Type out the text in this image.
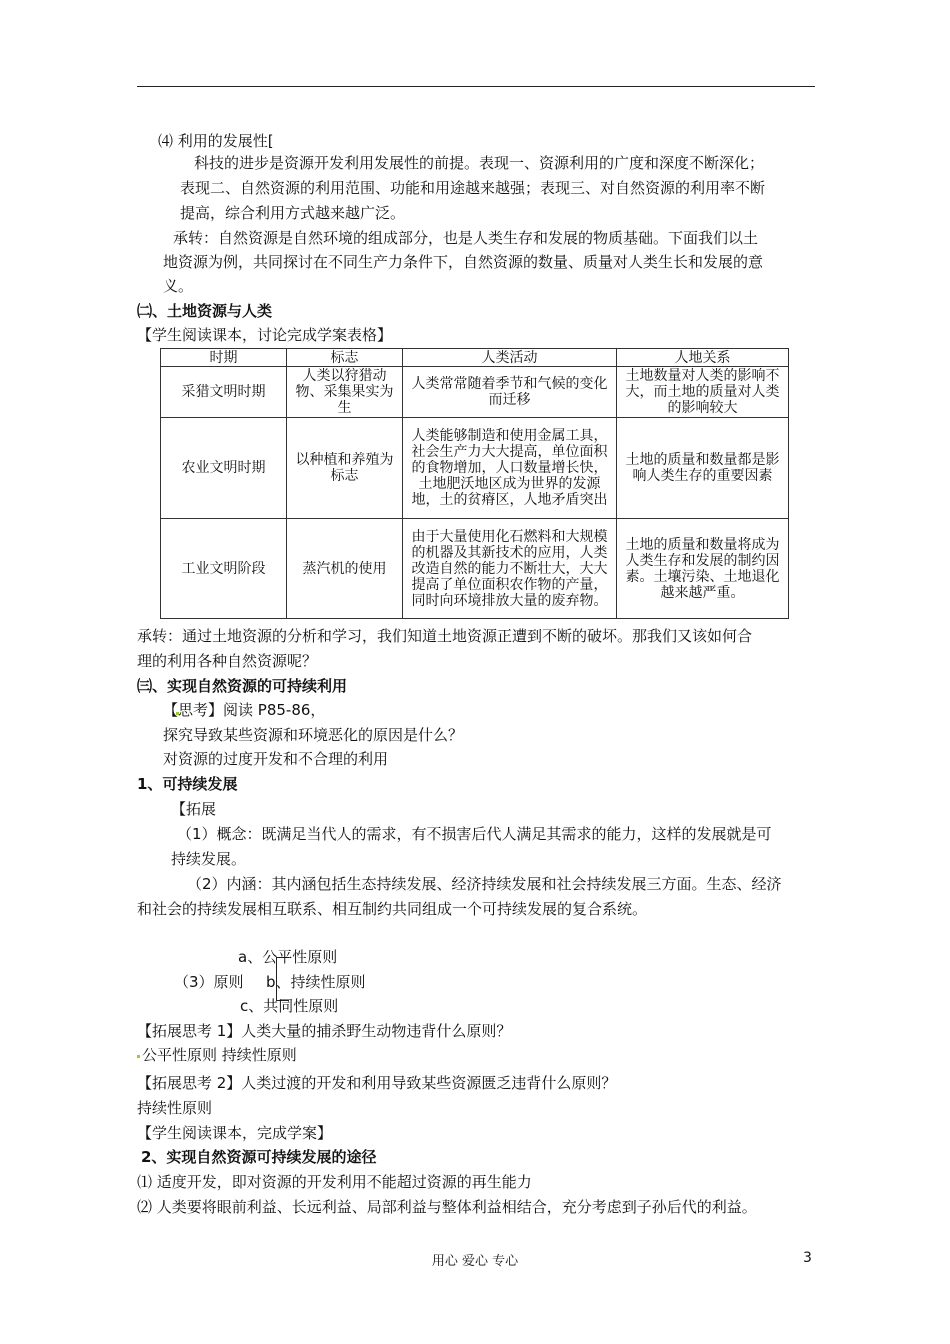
⑷ 利用的发展性[
科技的进步是资源开发利用发展性的前提。表现一、资源利用的广度和深度不断深化；
表现二、自然资源的利用范围、功能和用途越来越强；表现三、对自然资源的利用率不断
提高，综合利用方式越来越广泛。
承转：自然资源是自然环境的组成部分，也是人类生存和发展的物质基础。下面我们以土
地资源为例，共同探讨在不同生产力条件下，自然资源的数量、质量对人类生长和发展的意
义。
㈡、土地资源与人类
【学生阅读课本，讨论完成学案表格】
时期	标志	人类活动	人地关系
采猎文明时期	人类以狩猎动物、采集果实为生	人类常常随着季节和气候的变化而迁移	土地数量对人类的影响不大，而土地的质量对人类的影响较大
农业文明时期	以种植和养殖为标志	人类能够制造和使用金属工具，社会生产力大大提高，单位面积的食物增加，人口数量增长快，土地肥沃地区成为世界的发源地，土的贫瘠区，人地矛盾突出	土地的质量和数量都是影响人类生存的重要因素
工业文明阶段	蒸汽机的使用	由于大量使用化石燃料和大规模的机器及其新技术的应用，人类改造自然的能力不断壮大，大大提高了单位面积农作物的产量，同时向环境排放大量的废弃物。	土地的质量和数量将成为人类生存和发展的制约因素。土壤污染、土地退化越来越严重。
承转：通过土地资源的分析和学习，我们知道土地资源正遭到不断的破坏。那我们又该如何合
理的利用各种自然资源呢？
㈢、实现自然资源的可持续利用
【思考】阅读 P85-86，
探究导致某些资源和环境恶化的原因是什么？
对资源的过度开发和不合理的利用
1、可持续发展
【拓展
（1）概念：既满足当代人的需求，有不损害后代人满足其需求的能力，这样的发展就是可
持续发展。
（2）内涵：其内涵包括生态持续发展、经济持续发展和社会持续发展三方面。生态、经济
和社会的持续发展相互联系、相互制约共同组成一个可持续发展的复合系统。
a、公平性原则
（3）原则 b、持续性原则
c、共同性原则
【拓展思考 1】人类大量的捕杀野生动物违背什么原则？
公平性原则 持续性原则
【拓展思考 2】人类过渡的开发和利用导致某些资源匮乏违背什么原则？
持续性原则
【学生阅读课本，完成学案】
2、实现自然资源可持续发展的途径
⑴ 适度开发，即对资源的开发利用不能超过资源的再生能力
⑵ 人类要将眼前利益、长远利益、局部利益与整体利益相结合，充分考虑到子孙后代的利益。
用心 爱心 专心	3
